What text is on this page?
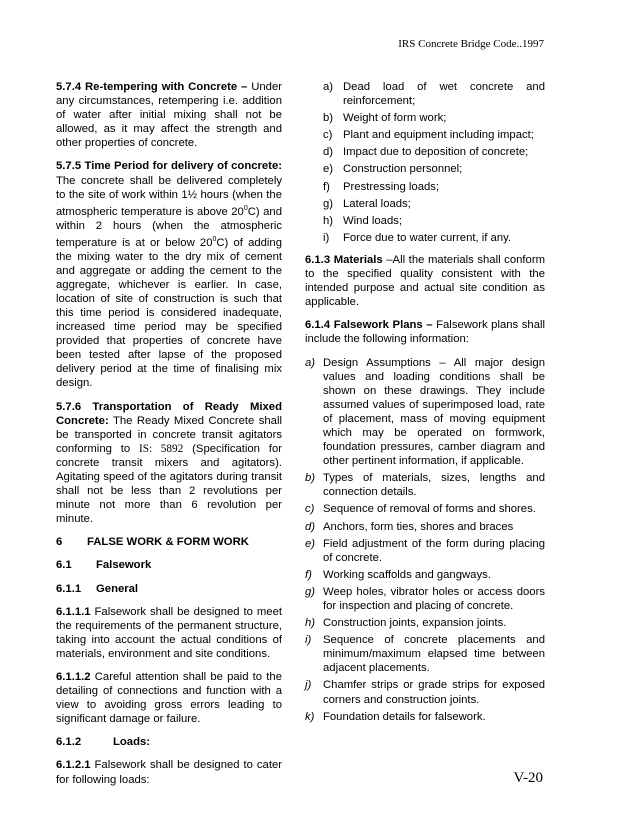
IRS Concrete Bridge Code..1997

5.7.4 Re-tempering with Concrete – Under any circumstances, retempering i.e. addition of water after initial mixing shall not be allowed, as it may affect the strength and other properties of concrete.

5.7.5 Time Period for delivery of concrete: The concrete shall be delivered completely to the site of work within 1½ hours (when the atmospheric temperature is above $20^0C$) and within 2 hours (when the atmospheric temperature is at or below $20^0C$) of adding the mixing water to the dry mix of cement and aggregate or adding the cement to the aggregate, whichever is earlier. In case, location of site of construction is such that this time period is considered inadequate, increased time period may be specified provided that properties of concrete have been tested after lapse of the proposed delivery period at the time of finalising mix design.

5.7.6 Transportation of Ready Mixed Concrete: The Ready Mixed Concrete shall be transported in concrete transit agitators conforming to IS: 5892 (Specification for concrete transit mixers and agitators). Agitating speed of the agitators during transit shall not be less than 2 revolutions per minute not more than 6 revolution per minute.

6	FALSE WORK & FORM WORK
6.1	Falsework
6.1.1	General

6.1.1.1 Falsework shall be designed to meet the requirements of the permanent structure, taking into account the actual conditions of materials, environment and site conditions.

6.1.1.2 Careful attention shall be paid to the detailing of connections and function with a view to avoiding gross errors leading to significant damage or failure.

6.1.2	Loads:

6.1.2.1 Falsework shall be designed to cater for following loads:

a) Dead load of wet concrete and reinforcement;
b) Weight of form work;
c) Plant and equipment including impact;
d) Impact due to deposition of concrete;
e) Construction personnel;
f)	Prestressing loads;
g) Lateral loads;
h) Wind loads;
i)	Force due to water current, if any.

6.1.3 Materials –All the materials shall conform to the specified quality consistent with the intended purpose and actual site condition as applicable.

6.1.4 Falsework Plans – Falsework plans shall include the following information:

a) Design Assumptions – All major design values and loading conditions shall be shown on these drawings. They include assumed values of superimposed load, rate of placement, mass of moving equipment which may be operated on formwork, foundation pressures, camber diagram and other pertinent information, if applicable.
b) Types of materials, sizes, lengths and connection details.
c) Sequence of removal of forms and shores.
d) Anchors, form ties, shores and braces
e) Field adjustment of the form during placing of concrete.
f) Working scaffolds and gangways.
g) Weep holes, vibrator holes or access doors for inspection and placing of concrete.
h) Construction joints, expansion joints.
i)	Sequence of concrete placements and minimum/maximum elapsed time between adjacent placements.
j)	Chamfer strips or grade strips for exposed corners and construction joints.
k) Foundation details for falsework.
V-20
